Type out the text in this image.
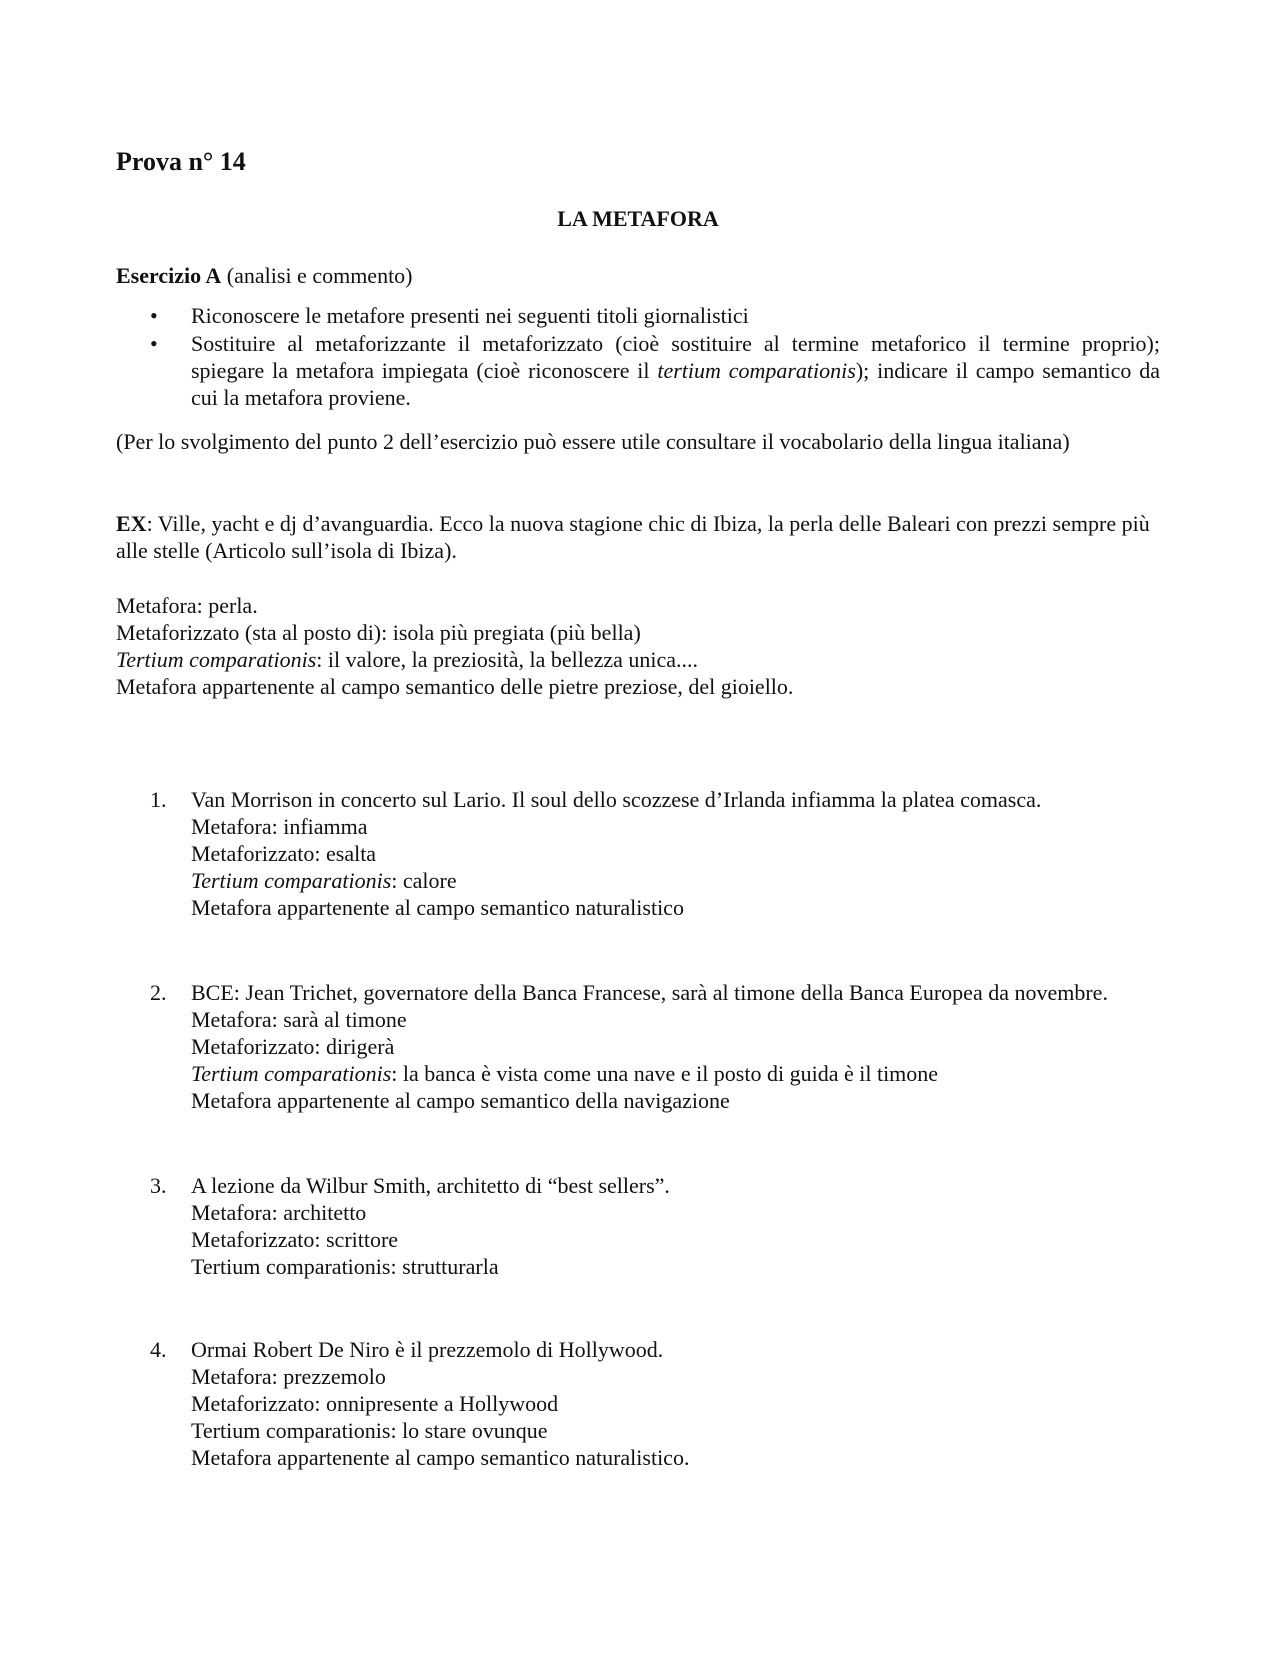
Prova n° 14
LA METAFORA
Esercizio A (analisi e commento)
•	Riconoscere le metafore presenti nei seguenti titoli giornalistici
•	Sostituire al metaforizzante il metaforizzato (cioè sostituire al termine metaforico il termine proprio); spiegare la metafora impiegata (cioè riconoscere il tertium comparationis); indicare il campo semantico da cui la metafora proviene.
(Per lo svolgimento del punto 2 dell’esercizio può essere utile consultare il vocabolario della lingua italiana)
EX: Ville, yacht e dj d’avanguardia. Ecco la nuova stagione chic di Ibiza, la perla delle Baleari con prezzi sempre più alle stelle (Articolo sull’isola di Ibiza).
Metafora: perla.
Metaforizzato (sta al posto di): isola più pregiata (più bella)
Tertium comparationis: il valore, la preziosità, la bellezza unica....
Metafora appartenente al campo semantico delle pietre preziose, del gioiello.
1.	Van Morrison in concerto sul Lario. Il soul dello scozzese d’Irlanda infiamma la platea comasca.
Metafora: infiamma
Metaforizzato: esalta
Tertium comparationis: calore
Metafora appartenente al campo semantico naturalistico
2.	BCE: Jean Trichet, governatore della Banca Francese, sarà al timone della Banca Europea da novembre.
Metafora: sarà al timone
Metaforizzato: dirigerà
Tertium comparationis: la banca è vista come una nave e il posto di guida è il timone
Metafora appartenente al campo semantico della navigazione
3.	A lezione da Wilbur Smith, architetto di “best sellers”.
Metafora: architetto
Metaforizzato: scrittore
Tertium comparationis: strutturarla
4.	Ormai Robert De Niro è il prezzemolo di Hollywood.
Metafora: prezzemolo
Metaforizzato: onnipresente a Hollywood
Tertium comparationis: lo stare ovunque
Metafora appartenente al campo semantico naturalistico.
